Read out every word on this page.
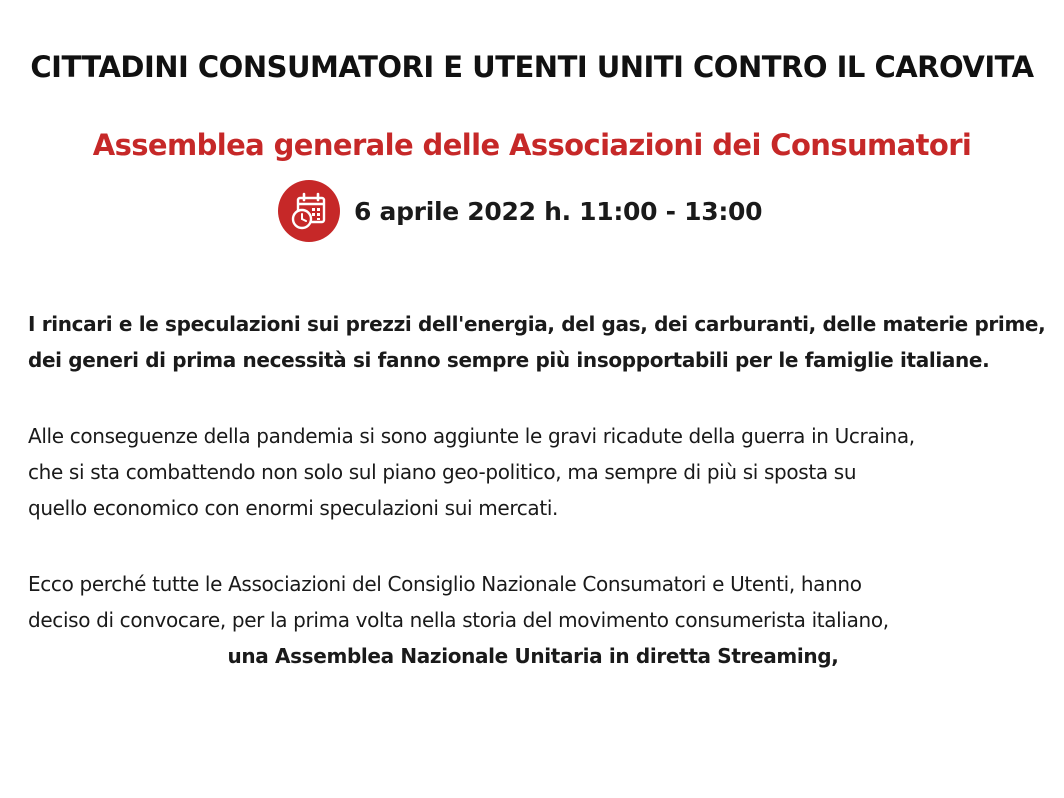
CITTADINI CONSUMATORI E UTENTI UNITI CONTRO IL CAROVITA
Assemblea generale delle Associazioni dei Consumatori
6 aprile 2022 h. 11:00 - 13:00
I rincari e le speculazioni sui prezzi dell'energia, del gas, dei carburanti, delle materie prime,
dei generi di prima necessità si fanno sempre più insopportabili per le famiglie italiane.
Alle conseguenze della pandemia si sono aggiunte le gravi ricadute della guerra in Ucraina,
che si sta combattendo non solo sul piano geo-politico, ma sempre di più si sposta su
quello economico con enormi speculazioni sui mercati.
Ecco perché tutte le Associazioni del Consiglio Nazionale Consumatori e Utenti, hanno
deciso di convocare, per la prima volta nella storia del movimento consumerista italiano,
una Assemblea Nazionale Unitaria in diretta Streaming,
